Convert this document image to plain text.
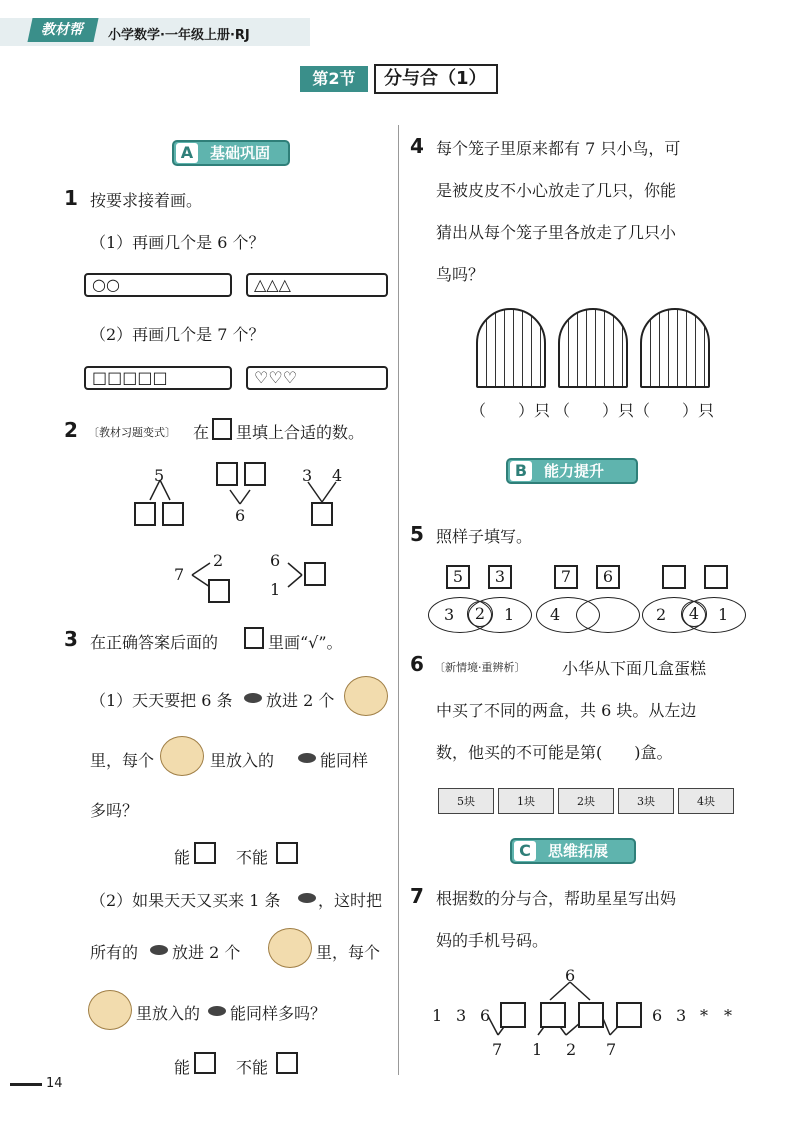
教材帮	小学数学·一年级上册·RJ
第2节	分与合（1）
A	基础巩固
1 按要求接着画。
（1）再画几个是 6 个？
○○	△△△
（2）再画几个是 7 个？
□□□□□	♡♡♡
2 〔教材习题变式〕 在 里填上合适的数。
5
6
3 4
7
2	6
1
3 在正确答案后面的	里画“√”。
（1）天天要把 6 条 放进 2 个
里，每个	里放入的	能同样
多吗？
能	不能
（2）如果天天又买来 1 条 ，这时把
所有的 放进 2 个	里，每个
里放入的 能同样多吗？
能	不能
4 每个笼子里原来都有 7 只小鸟，可
是被皮皮不小心放走了几只，你能
猜出从每个笼子里各放走了几只小
鸟吗？
（　　）只 （　　）只 （　　）只
B	能力提升
5 照样子填写。
5	3
3	2	1
7	6
4	2	4	1
6 〔新情境·重辨析〕 小华从下面几盒蛋糕
中买了不同的两盒，共 6 块。从左边
数，他买的不可能是第(　　)盒。
5块	1块	2块	3块	4块
C	思维拓展
7 根据数的分与合，帮助星星写出妈
妈的手机号码。
6
1 3 6	6 3 * *
7 1 2 7
14
